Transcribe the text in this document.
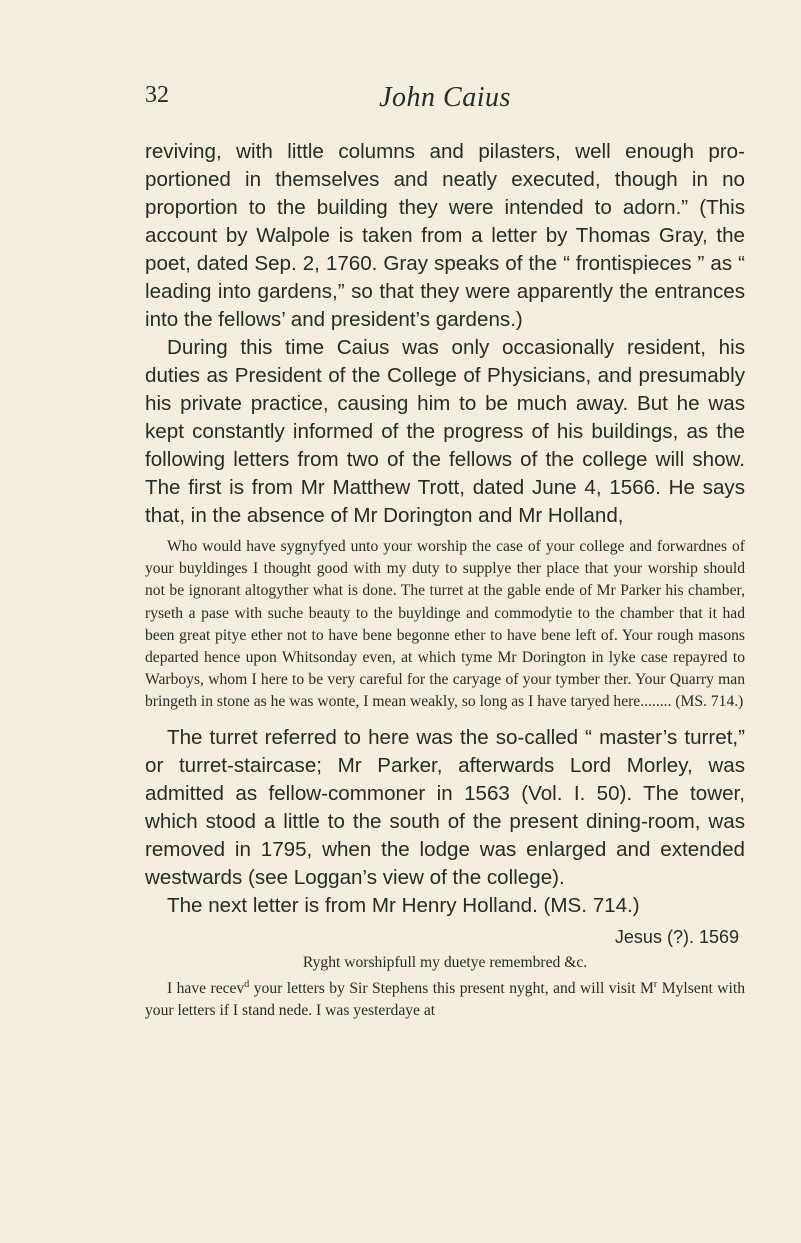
32	John Caius

reviving, with little columns and pilasters, well enough pro-portioned in themselves and neatly executed, though in no proportion to the building they were intended to adorn.” (This account by Walpole is taken from a letter by Thomas Gray, the poet, dated Sep. 2, 1760. Gray speaks of the “ frontispieces ” as “ leading into gardens,” so that they were apparently the entrances into the fellows’ and president’s gardens.)

During this time Caius was only occasionally resident, his duties as President of the College of Physicians, and presumably his private practice, causing him to be much away. But he was kept constantly informed of the progress of his buildings, as the following letters from two of the fellows of the college will show. The first is from Mr Matthew Trott, dated June 4, 1566. He says that, in the absence of Mr Dorington and Mr Holland,

Who would have sygnyfyed unto your worship the case of your college and forwardnes of your buyldinges I thought good with my duty to supplye ther place that your worship should not be ignorant altogyther what is done. The turret at the gable ende of Mr Parker his chamber, ryseth a pase with suche beauty to the buyldinge and commodytie to the chamber that it had been great pitye ether not to have bene begonne ether to have bene left of. Your rough masons departed hence upon Whitsonday even, at which tyme Mr Dorington in lyke case repayred to Warboys, whom I here to be very careful for the caryage of your tymber ther. Your Quarry man bringeth in stone as he was wonte, I mean weakly, so long as I have taryed here........ (MS. 714.)

The turret referred to here was the so-called “ master’s turret,” or turret-staircase; Mr Parker, afterwards Lord Morley, was admitted as fellow-commoner in 1563 (Vol. I. 50). The tower, which stood a little to the south of the present dining-room, was removed in 1795, when the lodge was enlarged and extended westwards (see Loggan’s view of the college).

The next letter is from Mr Henry Holland. (MS. 714.)

Jesus (?). 1569

Ryght worshipfull my duetye remembred &c.

I have recev$^d$ your letters by Sir Stephens this present nyght, and will visit $M^r$ Mylsent with your letters if I stand nede. I was yesterdaye at
